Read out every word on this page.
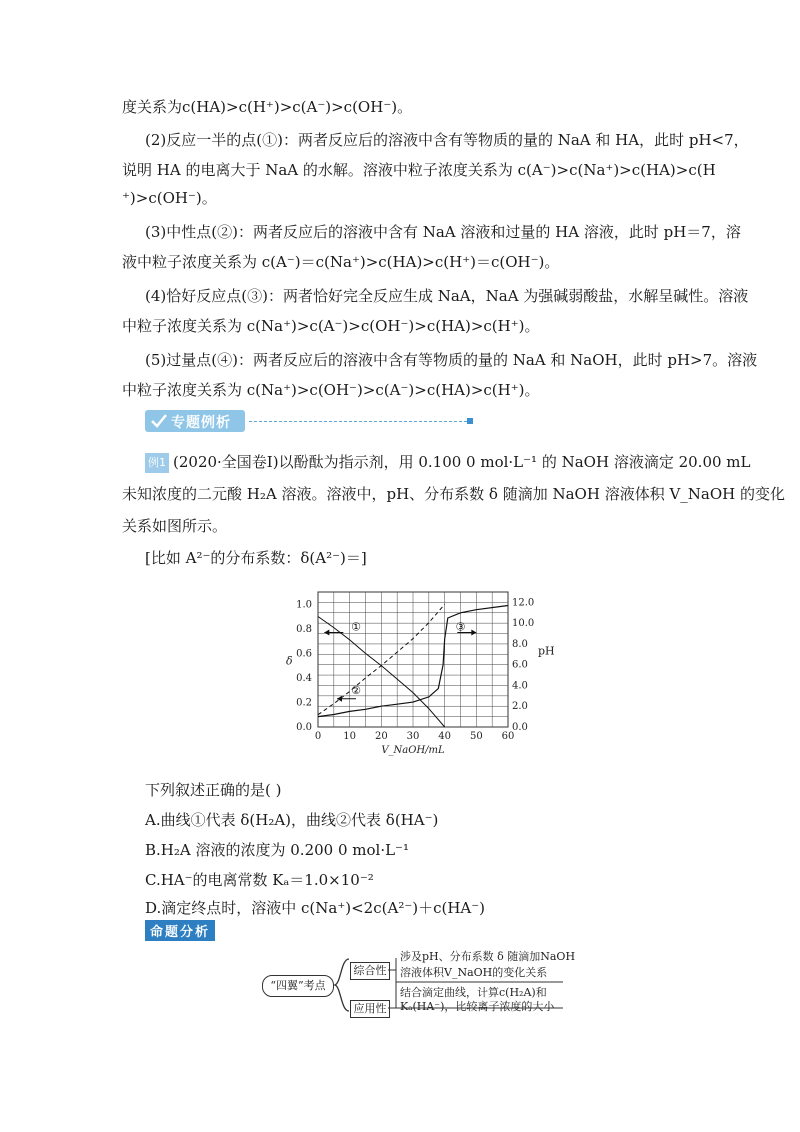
度关系为c(HA)>c(H⁺)>c(A⁻)>c(OH⁻)。
(2)反应一半的点(①)：两者反应后的溶液中含有等物质的量的 NaA 和 HA，此时 pH<7，
说明 HA 的电离大于 NaA 的水解。溶液中粒子浓度关系为 c(A⁻)>c(Na⁺)>c(HA)>c(H
⁺)>c(OH⁻)。
(3)中性点(②)：两者反应后的溶液中含有 NaA 溶液和过量的 HA 溶液，此时 pH＝7，溶
液中粒子浓度关系为 c(A⁻)＝c(Na⁺)>c(HA)>c(H⁺)＝c(OH⁻)。
(4)恰好反应点(③)：两者恰好完全反应生成 NaA，NaA 为强碱弱酸盐，水解呈碱性。溶液
中粒子浓度关系为 c(Na⁺)>c(A⁻)>c(OH⁻)>c(HA)>c(H⁺)。
(5)过量点(④)：两者反应后的溶液中含有等物质的量的 NaA 和 NaOH，此时 pH>7。溶液
中粒子浓度关系为 c(Na⁺)>c(OH⁻)>c(A⁻)>c(HA)>c(H⁺)。
专题例析
例1 (2020·全国卷Ⅰ)以酚酞为指示剂，用 0.100 0 mol·L⁻¹ 的 NaOH 溶液滴定 20.00 mL
未知浓度的二元酸 H₂A 溶液。溶液中，pH、分布系数 δ 随滴加 NaOH 溶液体积 V_NaOH 的变化
关系如图所示。
[比如 A²⁻的分布系数：δ(A²⁻)＝]
0 10 20 30 40 50 60
0.0
0.2
0.4
0.6
0.8
1.0
0.0
2.0
4.0
6.0
8.0
10.0
12.0
V_NaOH/mL
δ
pH
①
②
③
下列叙述正确的是( )
A.曲线①代表 δ(H₂A)，曲线②代表 δ(HA⁻)
B.H₂A 溶液的浓度为 0.200 0 mol·L⁻¹
C.HA⁻的电离常数 Kₐ＝1.0×10⁻²
D.滴定终点时，溶液中 c(Na⁺)<2c(A²⁻)＋c(HA⁻)
命题分析
“四翼”考点
综合性
应用性
涉及pH、分布系数 δ 随滴加NaOH
溶液体积V_NaOH的变化关系
结合滴定曲线，计算c(H₂A)和
Kₐ(HA⁻)，比较离子浓度的大小
